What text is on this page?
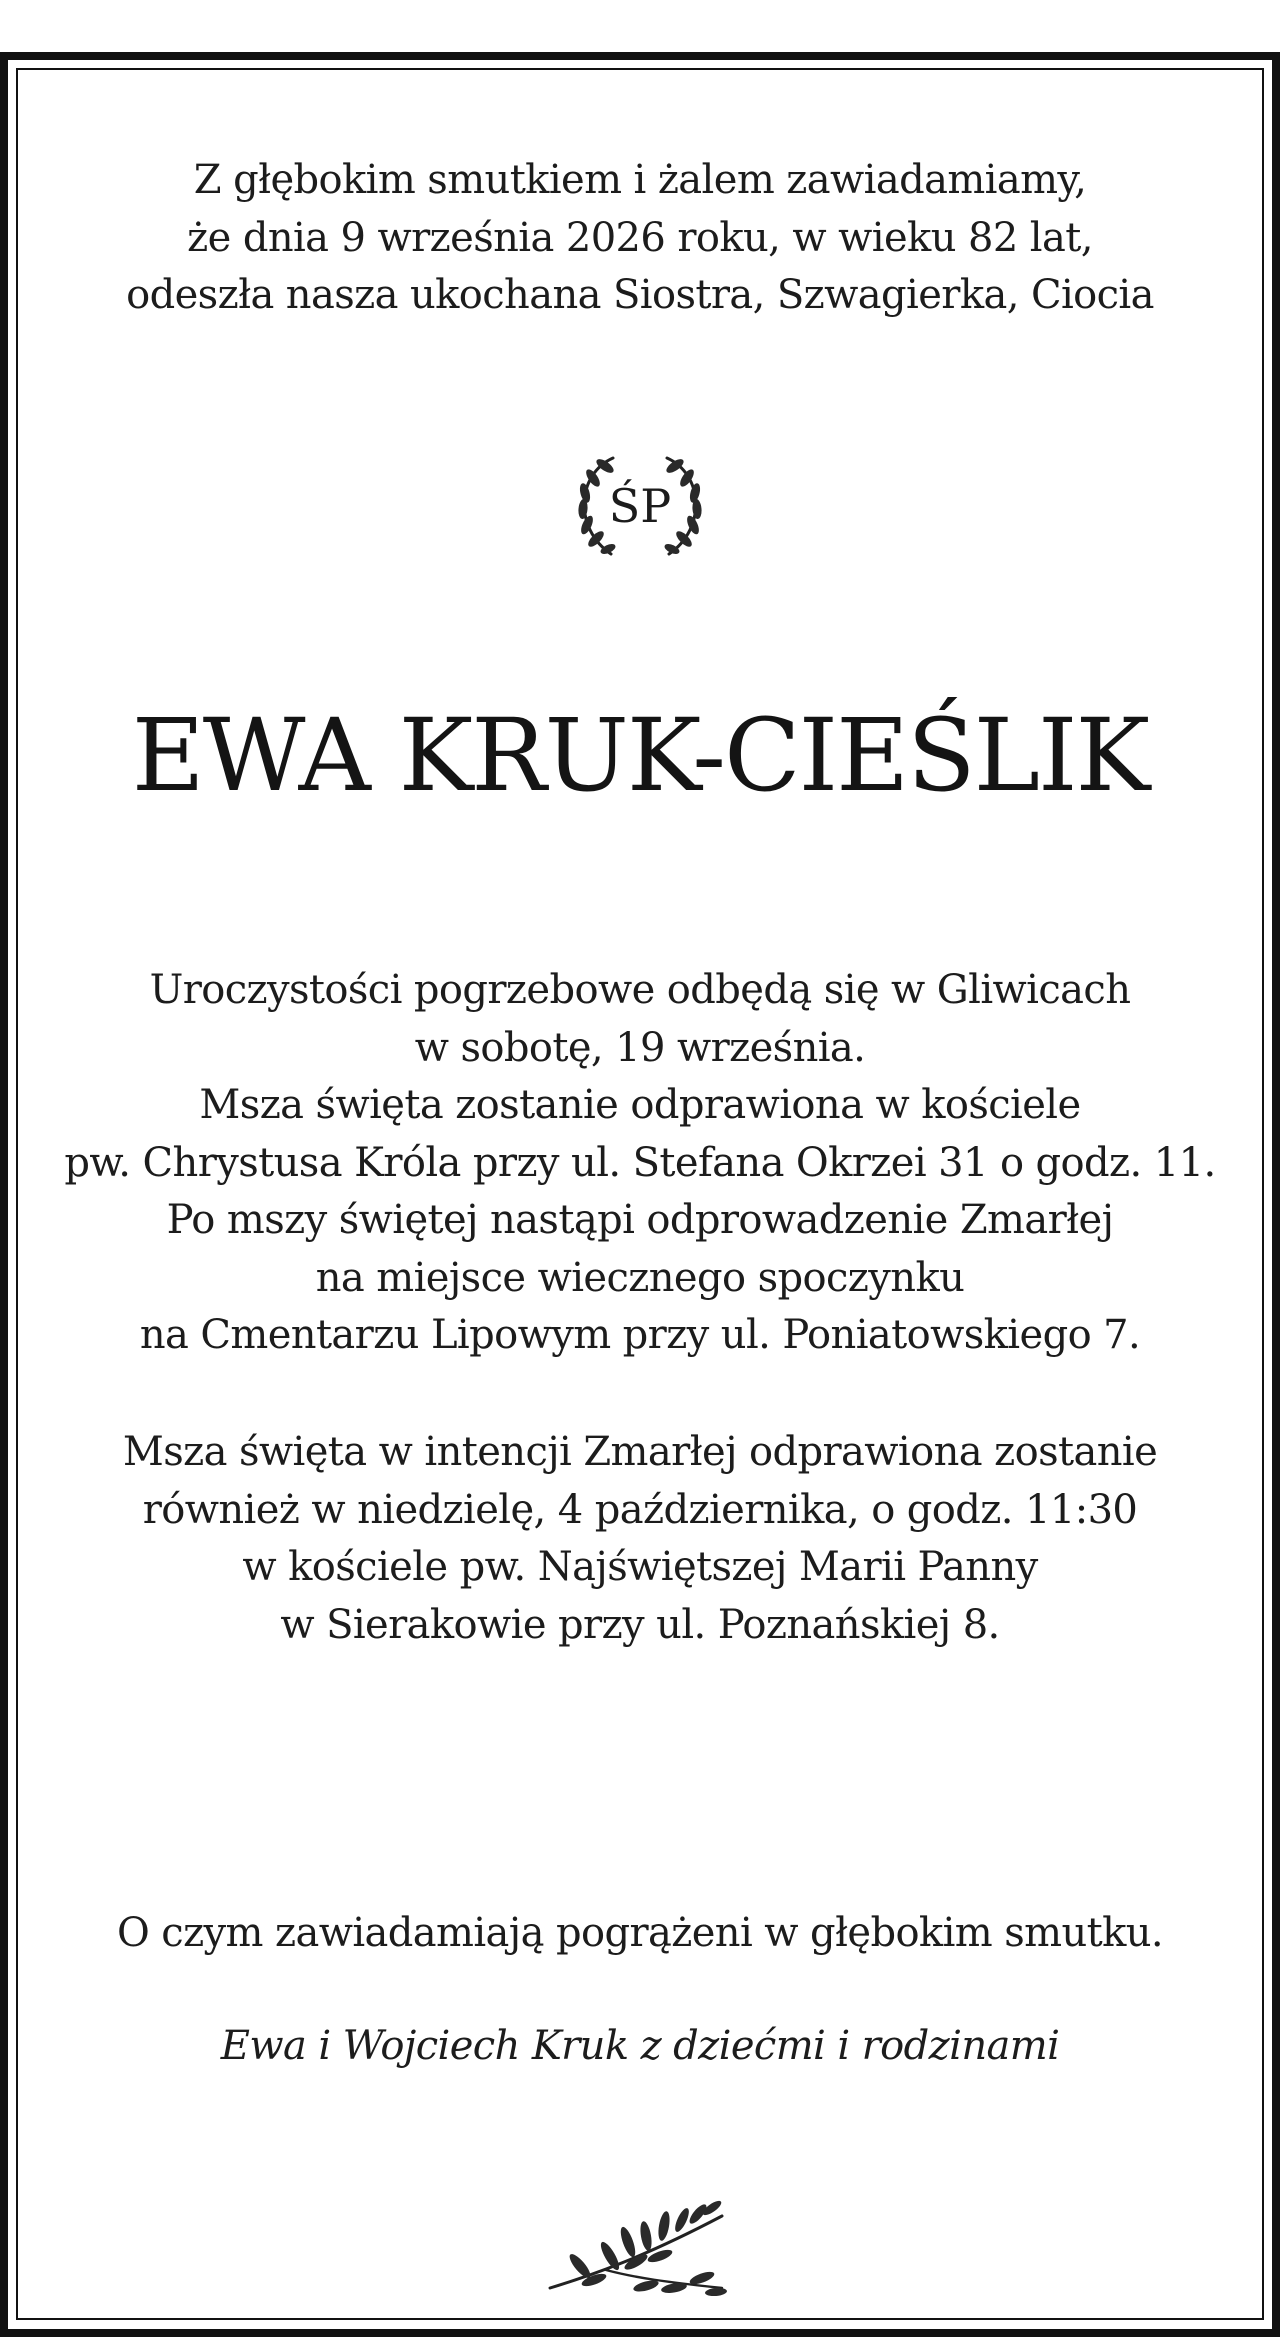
Z głębokim smutkiem i żalem zawiadamiamy,
że dnia 9 września 2026 roku, w wieku 82 lat,
odeszła nasza ukochana Siostra, Szwagierka, Ciocia
ŚP
EWA KRUK-CIEŚLIK
Uroczystości pogrzebowe odbędą się w Gliwicach
w sobotę, 19 września.
Msza święta zostanie odprawiona w kościele
pw. Chrystusa Króla przy ul. Stefana Okrzei 31 o godz. 11.
Po mszy świętej nastąpi odprowadzenie Zmarłej
na miejsce wiecznego spoczynku
na Cmentarzu Lipowym przy ul. Poniatowskiego 7.
Msza święta w intencji Zmarłej odprawiona zostanie
również w niedzielę, 4 października, o godz. 11:30
w kościele pw. Najświętszej Marii Panny
w Sierakowie przy ul. Poznańskiej 8.
O czym zawiadamiają pogrążeni w głębokim smutku.
Ewa i Wojciech Kruk z dziećmi i rodzinami
